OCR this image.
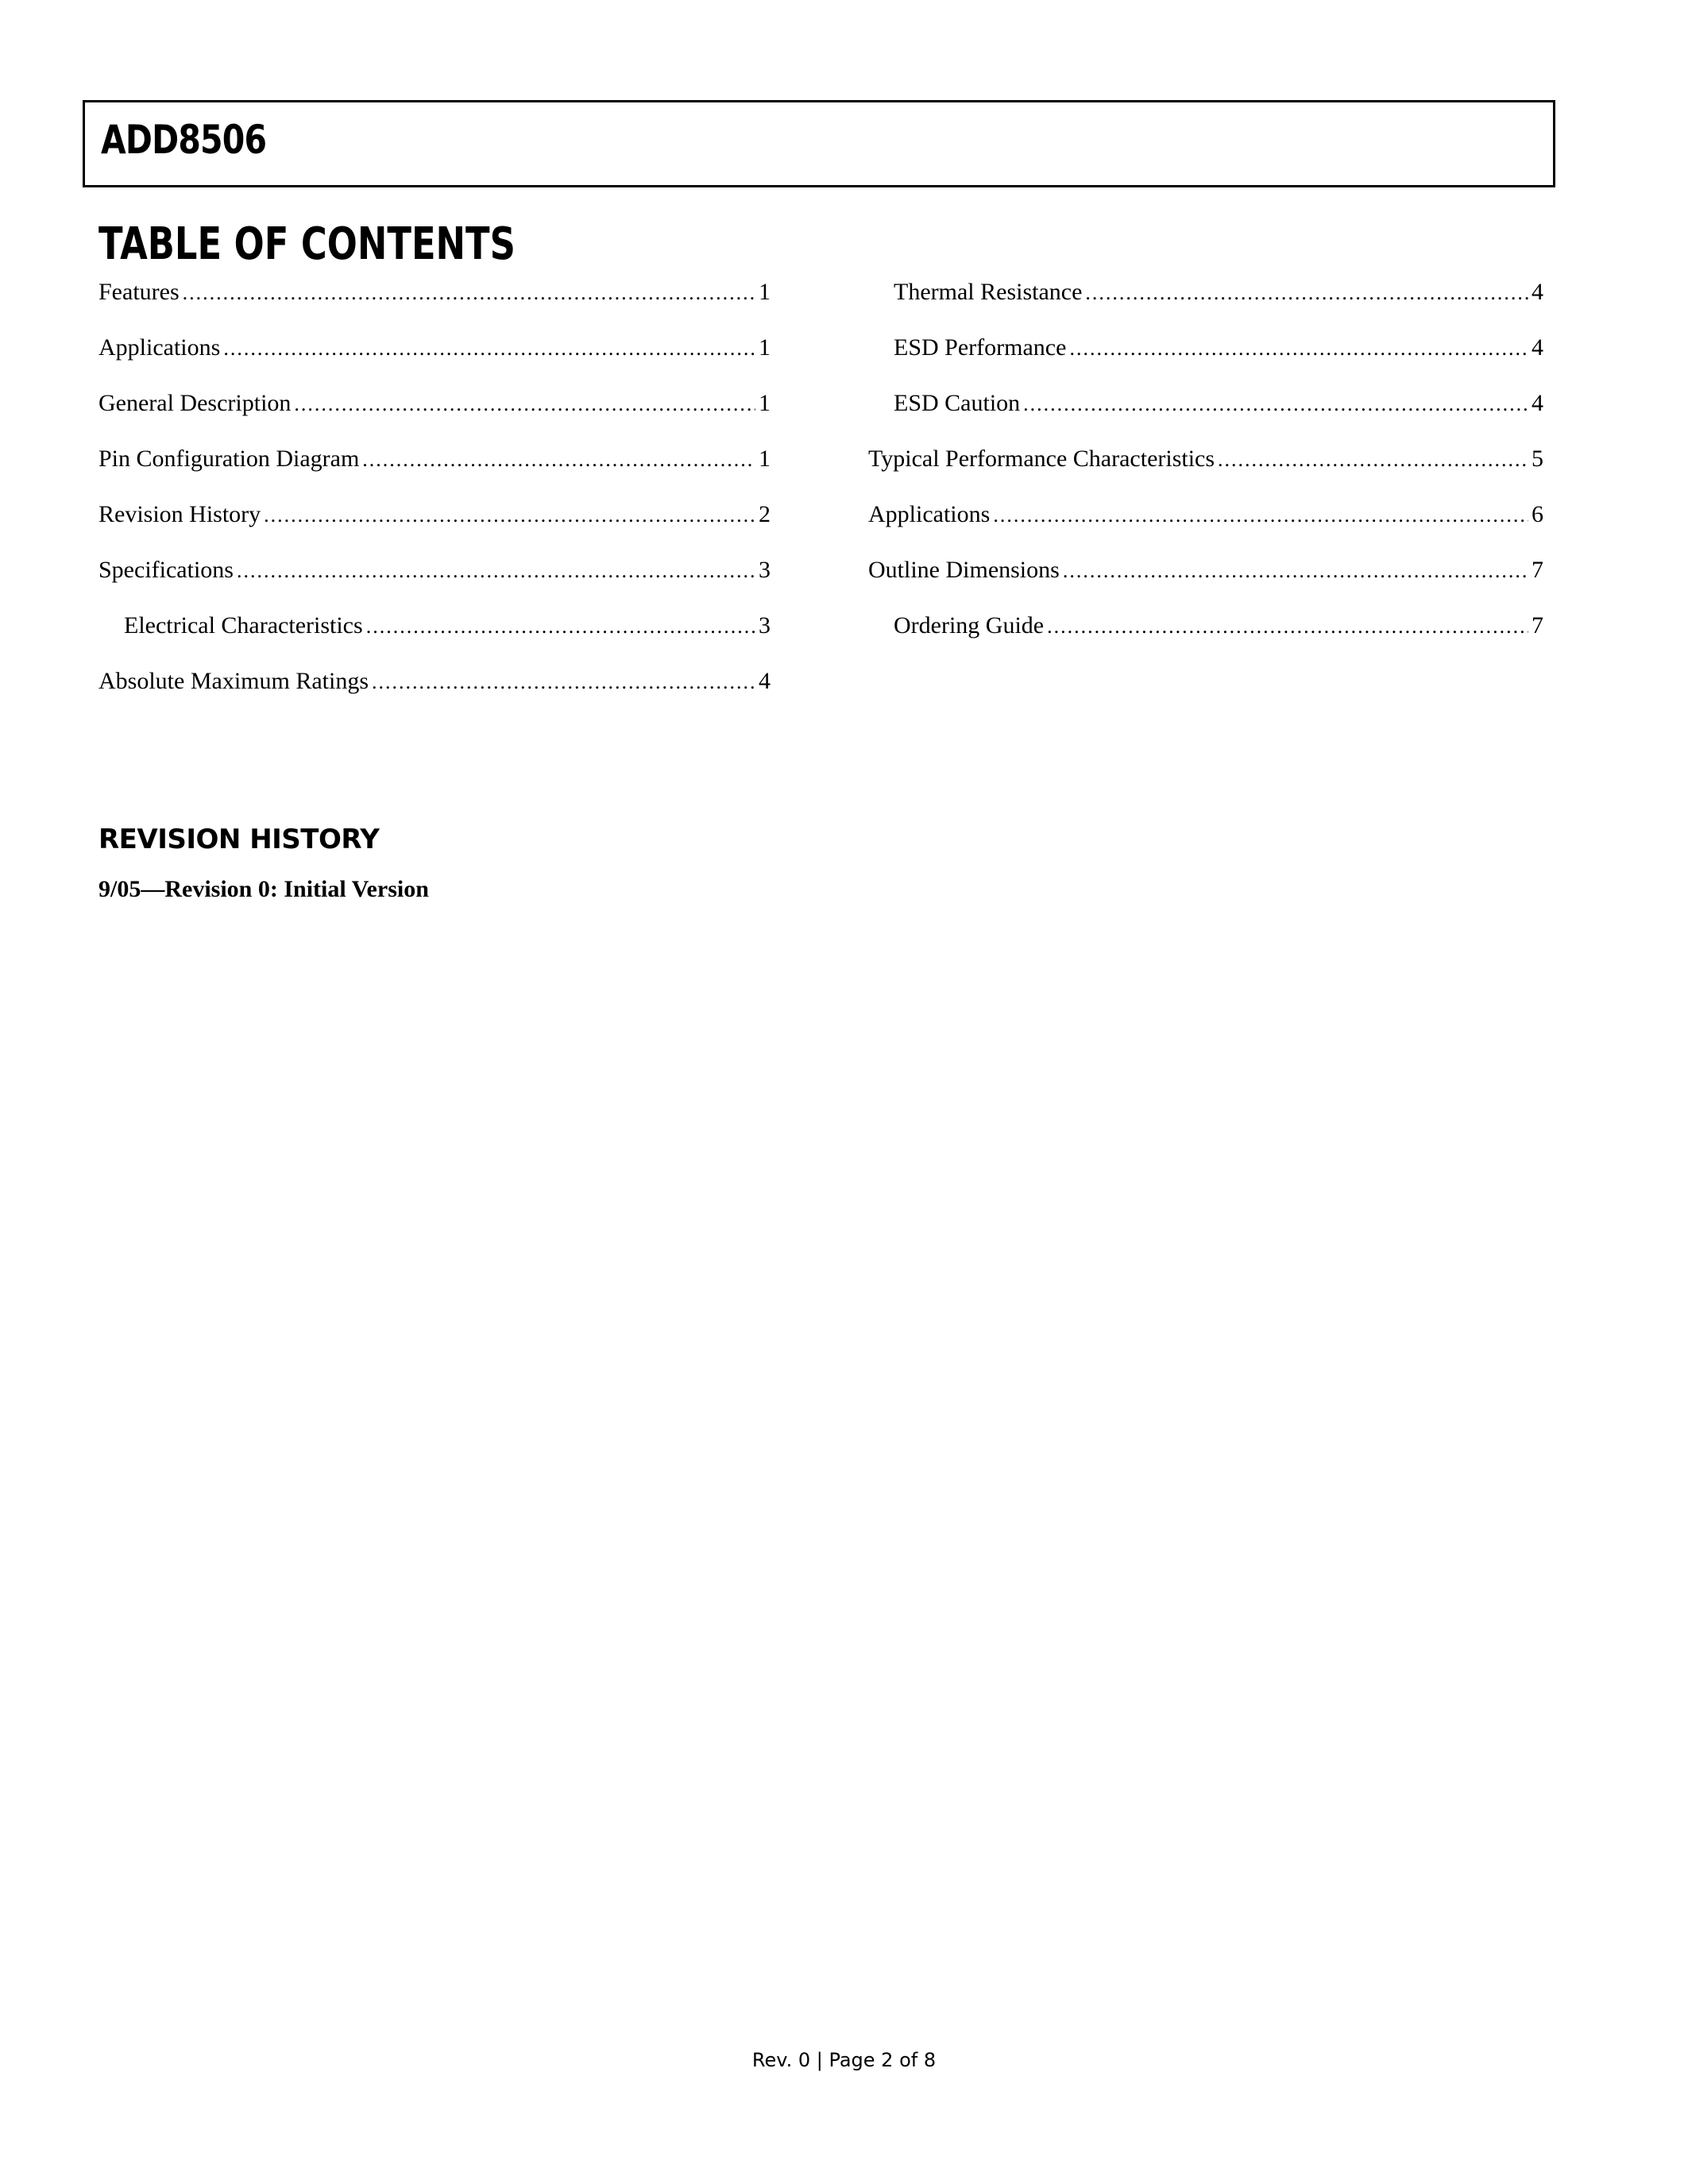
ADD8506
TABLE OF CONTENTS
Features .....	1
Applications .....	1
General Description .....	1
Pin Configuration Diagram .....	1
Revision History .....	2
Specifications .....	3
Electrical Characteristics .....	3
Absolute Maximum Ratings .....	4
Thermal Resistance .....	4
ESD Performance .....	4
ESD Caution .....	4
Typical Performance Characteristics .....	5
Applications .....	6
Outline Dimensions .....	7
Ordering Guide .....	7
REVISION HISTORY
9/05—Revision 0: Initial Version
Rev. 0 | Page 2 of 8
